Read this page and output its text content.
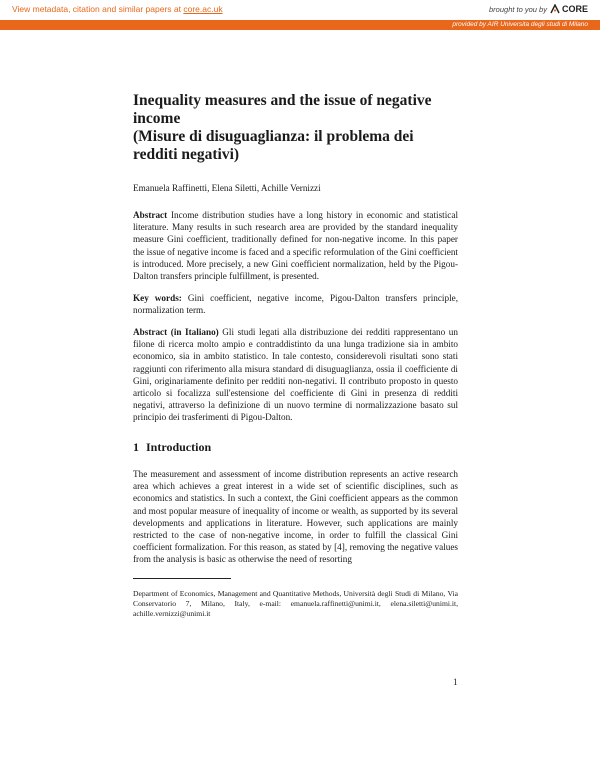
View metadata, citation and similar papers at core.ac.uk	brought to you by CORE
provided by AIR Universita degli studi di Milano
Inequality measures and the issue of negative income
(Misure di disuguaglianza: il problema dei redditi negativi)
Emanuela Raffinetti, Elena Siletti, Achille Vernizzi

Abstract Income distribution studies have a long history in economic and statistical literature. Many results in such research area are provided by the standard inequality measure Gini coefficient, traditionally defined for non-negative income. In this paper the issue of negative income is faced and a specific reformulation of the Gini coefficient is introduced. More precisely, a new Gini coefficient normalization, held by the Pigou-Dalton transfers principle fulfillment, is presented.

Key words: Gini coefficient, negative income, Pigou-Dalton transfers principle, normalization term.

Abstract (in Italiano) Gli studi legati alla distribuzione dei redditi rappresentano un filone di ricerca molto ampio e contraddistinto da una lunga tradizione sia in ambito economico, sia in ambito statistico. In tale contesto, considerevoli risultati sono stati raggiunti con riferimento alla misura standard di disuguaglianza, ossia il coefficiente di Gini, originariamente definito per redditi non-negativi. Il contributo proposto in questo articolo si focalizza sull'estensione del coefficiente di Gini in presenza di redditi negativi, attraverso la definizione di un nuovo termine di normalizzazione basato sul principio dei trasferimenti di Pigou-Dalton.

1 Introduction

The measurement and assessment of income distribution represents an active research area which achieves a great interest in a wide set of scientific disciplines, such as economics and statistics. In such a context, the Gini coefficient appears as the common and most popular measure of inequality of income or wealth, as supported by its several developments and applications in literature. However, such applications are mainly restricted to the case of non-negative income, in order to fulfill the classical Gini coefficient formalization. For this reason, as stated by [4], removing the negative values from the analysis is basic as otherwise the need of resorting

Department of Economics, Management and Quantitative Methods, Università degli Studi di Milano, Via Conservatorio 7, Milano, Italy, e-mail: emanuela.raffinetti@unimi.it, elena.siletti@unimi.it, achille.vernizzi@unimi.it

1
